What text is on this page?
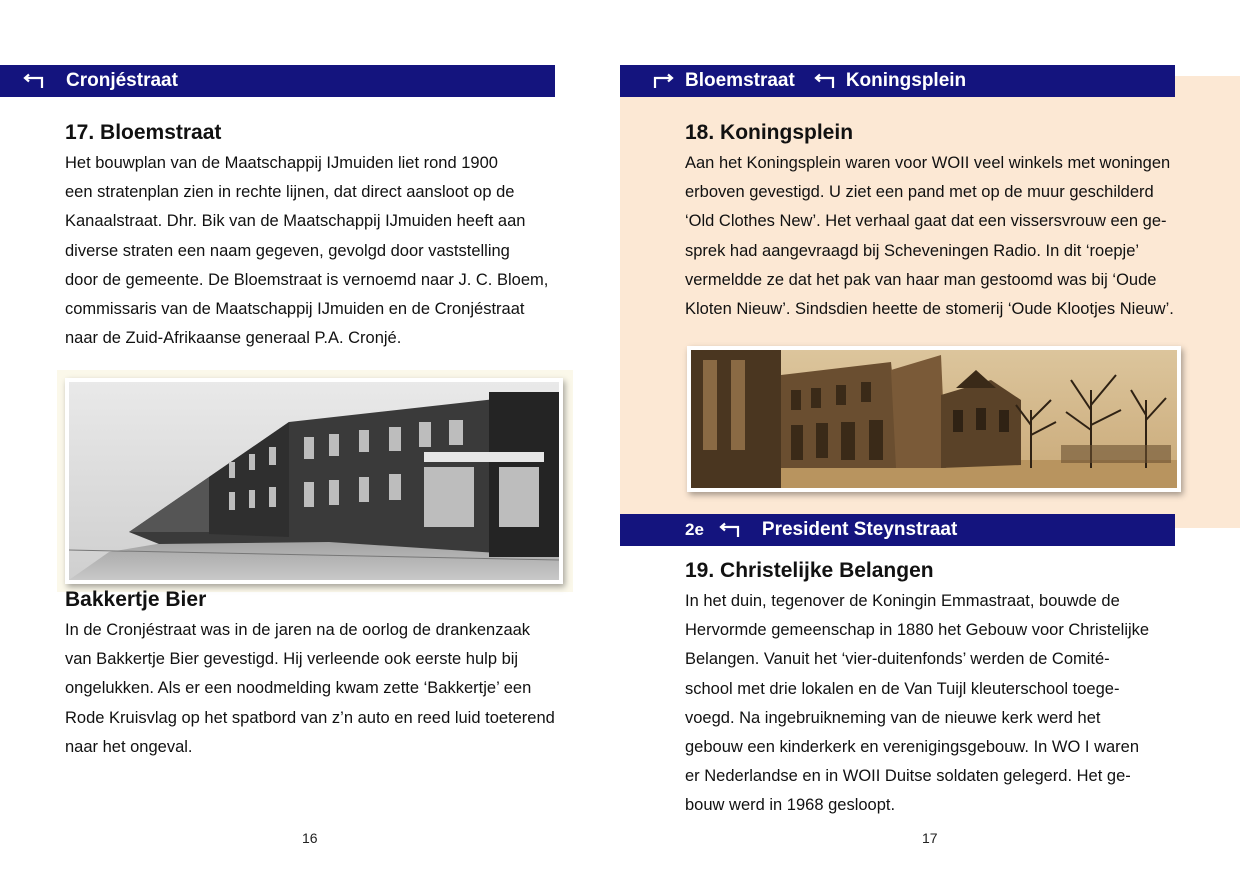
Cronjéstraat
17. Bloemstraat

Het bouwplan van de Maatschappij IJmuiden liet rond 1900
een stratenplan zien in rechte lijnen, dat direct aansloot op de
Kanaalstraat. Dhr. Bik van de Maatschappij IJmuiden heeft aan
diverse straten een naam gegeven, gevolgd door vaststelling
door de gemeente. De Bloemstraat is vernoemd naar J. C. Bloem,
commissaris van de Maatschappij IJmuiden en de Cronjéstraat
naar de Zuid-Afrikaanse generaal P.A. Cronjé.

Bakkertje Bier

In de Cronjéstraat was in de jaren na de oorlog de drankenzaak
van Bakkertje Bier gevestigd. Hij verleende ook eerste hulp bij
ongelukken. Als er een noodmelding kwam zette ‘Bakkertje’ een
Rode Kruisvlag op het spatbord van z’n auto en reed luid toeterend
naar het ongeval.

16
Bloemstraat	Koningsplein
18. Koningsplein

Aan het Koningsplein waren voor WOII veel winkels met woningen
erboven gevestigd. U ziet een pand met op de muur geschilderd
‘Old Clothes New’. Het verhaal gaat dat een vissersvrouw een ge-
sprek had aangevraagd bij Scheveningen Radio. In dit ‘roepje’
vermeldde ze dat het pak van haar man gestoomd was bij ‘Oude
Kloten Nieuw’. Sindsdien heette de stomerij ‘Oude Klootjes Nieuw’.

2e	President Steynstraat
19. Christelijke Belangen

In het duin, tegenover de Koningin Emmastraat, bouwde de
Hervormde gemeenschap in 1880 het Gebouw voor Christelijke
Belangen. Vanuit het ‘vier-duitenfonds’ werden de Comité-
school met drie lokalen en de Van Tuijl kleuterschool toege-
voegd. Na ingebruikneming van de nieuwe kerk werd het
gebouw een kinderkerk en verenigingsgebouw. In WO I waren
er Nederlandse en in WOII Duitse soldaten gelegerd. Het ge-
bouw werd in 1968 gesloopt.

17
